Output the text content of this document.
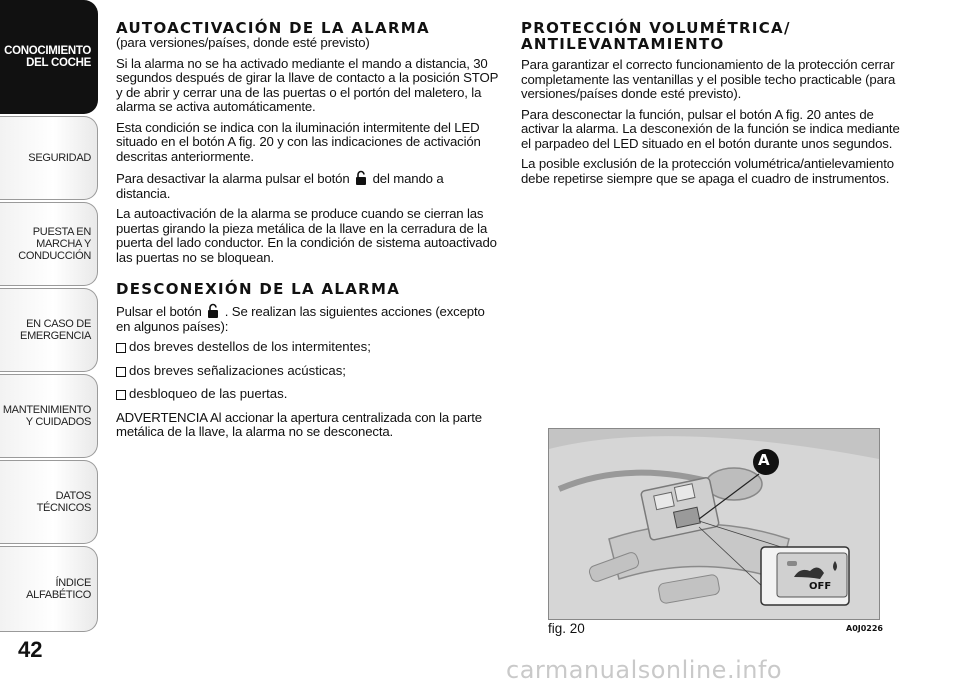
CONOCIMIENTO DEL COCHE
SEGURIDAD
PUESTA EN MARCHA Y CONDUCCIÓN
EN CASO DE EMERGENCIA
MANTENIMIENTO Y CUIDADOS
DATOS TÉCNICOS
ÍNDICE ALFABÉTICO
42
AUTOACTIVACIÓN DE LA ALARMA

(para versiones/países, donde esté previsto)

Si la alarma no se ha activado mediante el mando a distancia, 30 segundos después de girar la llave de contacto a la posición STOP y de abrir y cerrar una de las puertas o el portón del maletero, la alarma se activa automáticamente.

Esta condición se indica con la iluminación intermitente del LED situado en el botón A fig. 20 y con las indicaciones de activación descritas anteriormente.

Para desactivar la alarma pulsar el botón del mando a distancia.

La autoactivación de la alarma se produce cuando se cierran las puertas girando la pieza metálica de la llave en la cerradura de la puerta del lado conductor. En la condición de sistema autoactivado las puertas no se bloquean.

DESCONEXIÓN DE LA ALARMA

Pulsar el botón . Se realizan las siguientes acciones (excepto en algunos países):

dos breves destellos de los intermitentes;
dos breves señalizaciones acústicas;
desbloqueo de las puertas.

ADVERTENCIA Al accionar la apertura centralizada con la parte metálica de la llave, la alarma no se desconecta.

PROTECCIÓN VOLUMÉTRICA/
ANTILEVANTAMIENTO

Para garantizar el correcto funcionamiento de la protección cerrar completamente las ventanillas y el posible techo practicable (para versiones/países donde esté previsto).

Para desconectar la función, pulsar el botón A fig. 20 antes de activar la alarma. La desconexión de la función se indica mediante el parpadeo del LED situado en el botón durante unos segundos.

La posible exclusión de la protección volumétrica/antielevamiento debe repetirse siempre que se apaga el cuadro de instrumentos.

A
OFF
fig. 20	A0J0226
carmanualsonline.info
